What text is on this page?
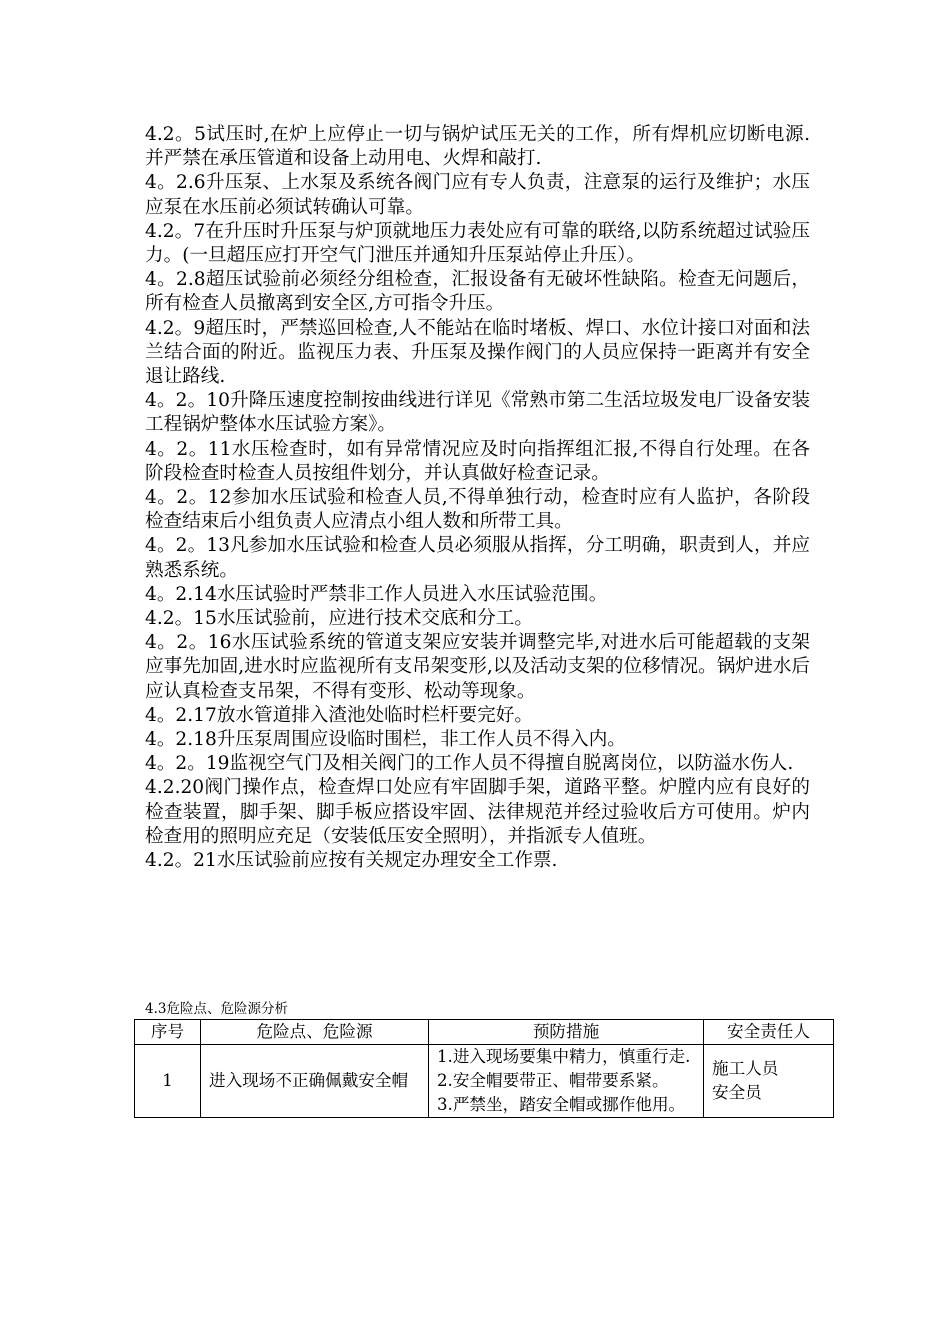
4.2。5试压时,在炉上应停止一切与锅炉试压无关的工作，所有焊机应切断电源.并严禁在承压管道和设备上动用电、火焊和敲打.

4。2.6升压泵、上水泵及系统各阀门应有专人负责，注意泵的运行及维护；水压应泵在水压前必须试转确认可靠。

4.2。7在升压时升压泵与炉顶就地压力表处应有可靠的联络,以防系统超过试验压力。(一旦超压应打开空气门泄压并通知升压泵站停止升压）。

4。2.8超压试验前必须经分组检查，汇报设备有无破坏性缺陷。检查无问题后，所有检查人员撤离到安全区,方可指令升压。

4.2。9超压时，严禁巡回检查,人不能站在临时堵板、焊口、水位计接口对面和法兰结合面的附近。监视压力表、升压泵及操作阀门的人员应保持一距离并有安全退让路线.

4。2。10升降压速度控制按曲线进行详见《常熟市第二生活垃圾发电厂设备安装工程锅炉整体水压试验方案》。

4。2。11水压检查时，如有异常情况应及时向指挥组汇报,不得自行处理。在各阶段检查时检查人员按组件划分，并认真做好检查记录。

4。2。12参加水压试验和检查人员,不得单独行动，检查时应有人监护，各阶段检查结束后小组负责人应清点小组人数和所带工具。

4。2。13凡参加水压试验和检查人员必须服从指挥，分工明确，职责到人，并应熟悉系统。

4。2.14水压试验时严禁非工作人员进入水压试验范围。

4.2。15水压试验前，应进行技术交底和分工。

4。2。16水压试验系统的管道支架应安装并调整完毕,对进水后可能超载的支架应事先加固,进水时应监视所有支吊架变形,以及活动支架的位移情况。锅炉进水后应认真检查支吊架，不得有变形、松动等现象。

4。2.17放水管道排入渣池处临时栏杆要完好。

4。2.18升压泵周围应设临时围栏，非工作人员不得入内。

4。2。19监视空气门及相关阀门的工作人员不得擅自脱离岗位，以防溢水伤人.

4.2.20阀门操作点，检查焊口处应有牢固脚手架，道路平整。炉膛内应有良好的检查装置，脚手架、脚手板应搭设牢固、法律规范并经过验收后方可使用。炉内检查用的照明应充足（安装低压安全照明），并指派专人值班。

4.2。21水压试验前应按有关规定办理安全工作票.

4.3危险点、危险源分析
序号	危险点、危险源	预防措施	安全责任人
1	进入现场不正确佩戴安全帽	1.进入现场要集中精力，慎重行走.
2.安全帽要带正、帽带要系紧。
3.严禁坐，踏安全帽或挪作他用。	施工人员
安全员
